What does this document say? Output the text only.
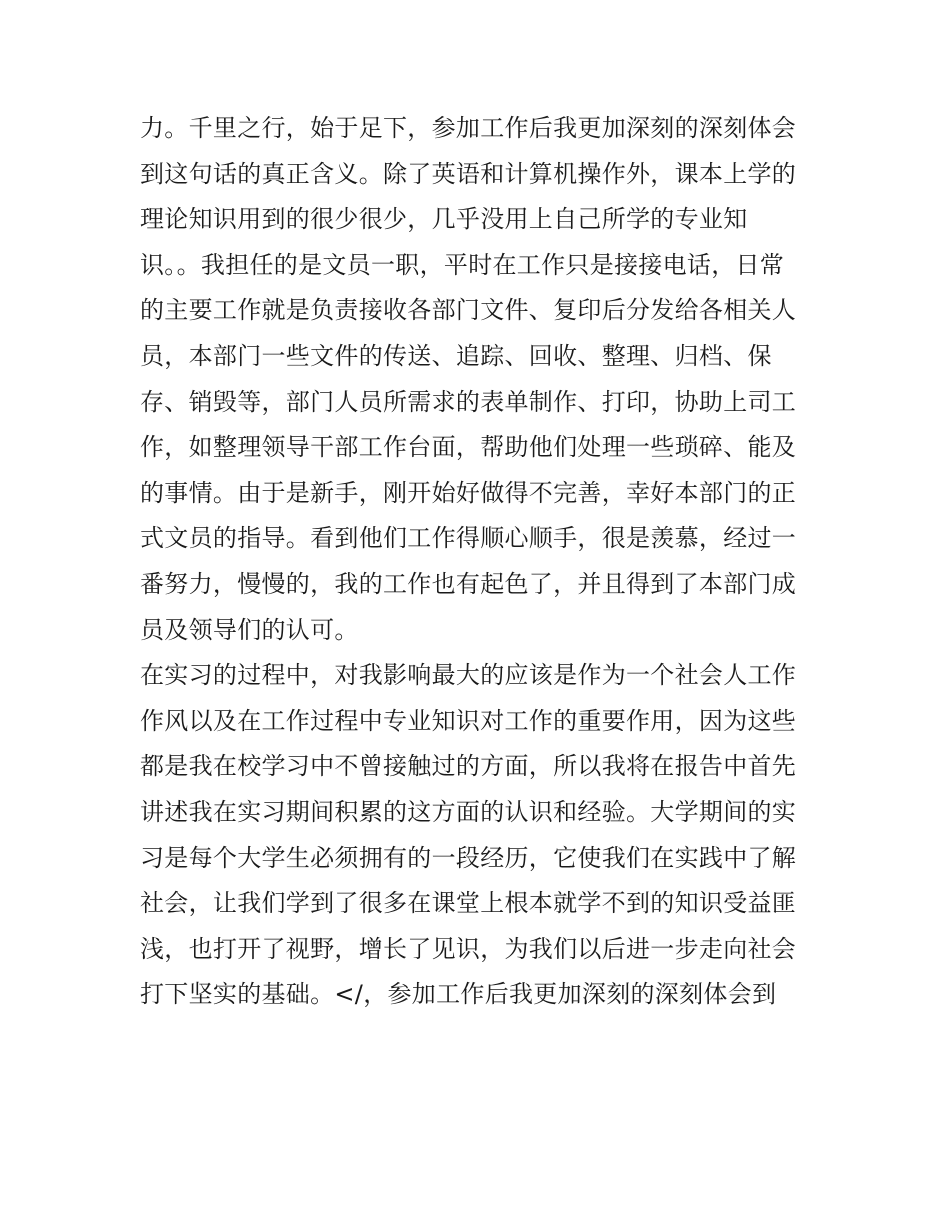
力。千里之行，始于足下，参加工作后我更加深刻的深刻体会
到这句话的真正含义。除了英语和计算机操作外，课本上学的
理论知识用到的很少很少，几乎没用上自己所学的专业知
识。。我担任的是文员一职，平时在工作只是接接电话，日常
的主要工作就是负责接收各部门文件、复印后分发给各相关人
员，本部门一些文件的传送、追踪、回收、整理、归档、保
存、销毁等，部门人员所需求的表单制作、打印，协助上司工
作，如整理领导干部工作台面，帮助他们处理一些琐碎、能及
的事情。由于是新手，刚开始好做得不完善，幸好本部门的正
式文员的指导。看到他们工作得顺心顺手，很是羡慕，经过一
番努力，慢慢的，我的工作也有起色了，并且得到了本部门成
员及领导们的认可。
在实习的过程中，对我影响最大的应该是作为一个社会人工作
作风以及在工作过程中专业知识对工作的重要作用，因为这些
都是我在校学习中不曾接触过的方面，所以我将在报告中首先
讲述我在实习期间积累的这方面的认识和经验。大学期间的实
习是每个大学生必须拥有的一段经历，它使我们在实践中了解
社会，让我们学到了很多在课堂上根本就学不到的知识受益匪
浅，也打开了视野，增长了见识，为我们以后进一步走向社会
打下坚实的基础。</，参加工作后我更加深刻的深刻体会到
